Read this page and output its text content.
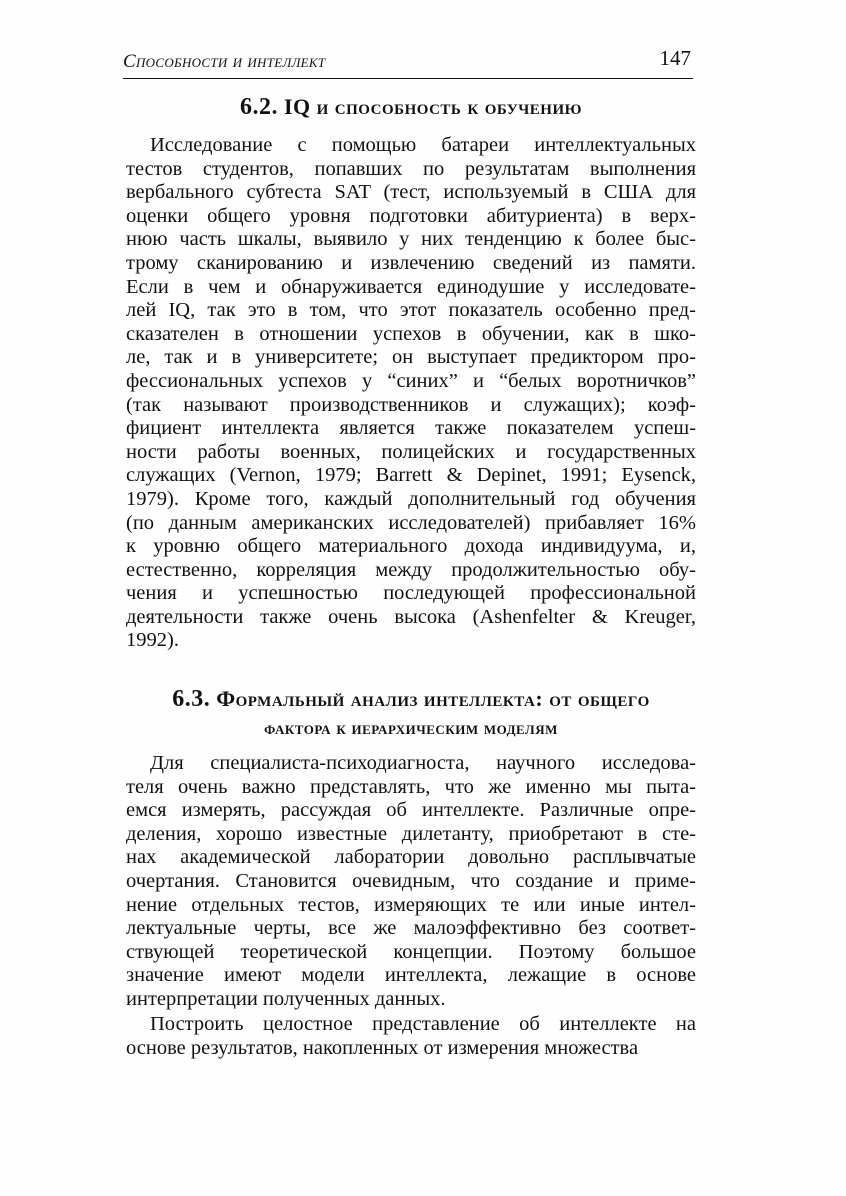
Способности и интеллект	147
6.2. IQ и способность к обучению
Исследование с помощью батареи интеллектуальных
тестов студентов, попавших по результатам выполнения
вербального субтеста SAT (тест, используемый в США для
оценки общего уровня подготовки абитуриента) в верх-
нюю часть шкалы, выявило у них тенденцию к более быс-
трому сканированию и извлечению сведений из памяти.
Если в чем и обнаруживается единодушие у исследовате-
лей IQ, так это в том, что этот показатель особенно пред-
сказателен в отношении успехов в обучении, как в шко-
ле, так и в университете; он выступает предиктором про-
фессиональных успехов у “синих” и “белых воротничков”
(так называют производственников и служащих); коэф-
фициент интеллекта является также показателем успеш-
ности работы военных, полицейских и государственных
служащих (Vernon, 1979; Barrett & Depinet, 1991; Eysenck,
1979). Кроме того, каждый дополнительный год обучения
(по данным американских исследователей) прибавляет 16%
к уровню общего материального дохода индивидуума, и,
естественно, корреляция между продолжительностью обу-
чения и успешностью последующей профессиональной
деятельности также очень высока (Ashenfelter & Kreuger,
1992).
6.3. Формальный анализ интеллекта: от общего
фактора к иерархическим моделям
Для специалиста-психодиагноста, научного исследова-
теля очень важно представлять, что же именно мы пыта-
емся измерять, рассуждая об интеллекте. Различные опре-
деления, хорошо известные дилетанту, приобретают в сте-
нах академической лаборатории довольно расплывчатые
очертания. Становится очевидным, что создание и приме-
нение отдельных тестов, измеряющих те или иные интел-
лектуальные черты, все же малоэффективно без соответ-
ствующей теоретической концепции. Поэтому большое
значение имеют модели интеллекта, лежащие в основе
интерпретации полученных данных.
Построить целостное представление об интеллекте на
основе результатов, накопленных от измерения множества
